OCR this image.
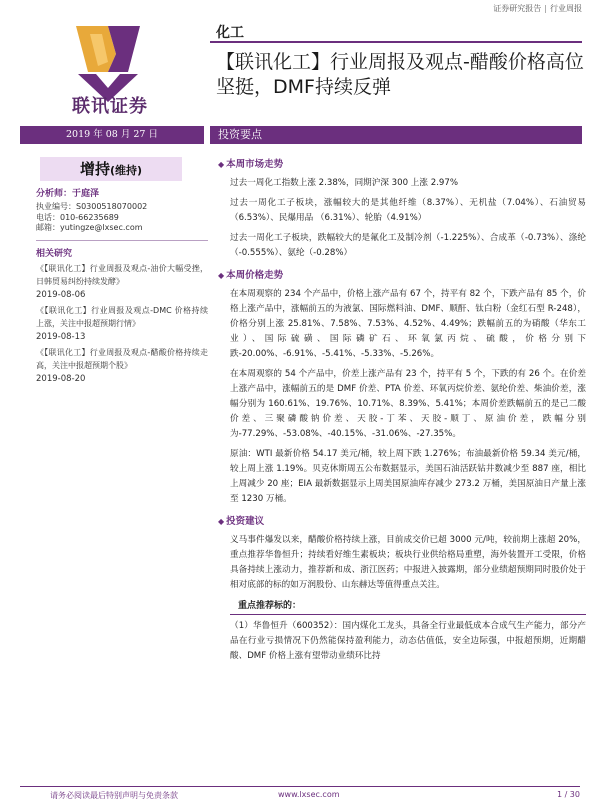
证券研究报告 | 行业周报
联讯证券
化工
【联讯化工】行业周报及观点-醋酸价格高位坚挺，DMF持续反弹
2019 年 08 月 27 日	投资要点
增持(维持)
分析师：于庭泽
执业编号：S0300518070002
电话：010-66235689
邮箱：yutingze@lxsec.com
相关研究
《【联讯化工】行业周报及观点-油价大幅受挫，日韩贸易纠纷持续发酵》
2019-08-06
《【联讯化工】行业周报及观点-DMC 价格持续上涨，关注中报超预期行情》
2019-08-13
《【联讯化工】行业周报及观点-醋酸价格持续走高，关注中报超预期个股》
2019-08-20
◆ 本周市场走势
过去一周化工指数上涨 2.38%，同期沪深 300 上涨 2.97%
过去一周化工子板块，涨幅较大的是其他纤维（8.37%）、无机盐（7.04%）、石油贸易（6.53%）、民爆用品 （6.31%）、轮胎（4.91%）
过去一周化工子板块，跌幅较大的是氟化工及制冷剂（-1.225%）、合成革（-0.73%）、涤纶（-0.555%）、氨纶（-0.28%）
◆ 本周价格走势
在本周观察的 234 个产品中，价格上涨产品有 67 个，持平有 82 个，下跌产品有 85 个，价格上涨产品中，涨幅前五的为液氯、国际燃料油、DMF、顺酐、钛白粉（金红石型 R-248），价格分别上涨 25.81%、7.58%、7.53%、4.52%、4.49%；跌幅前五的为硝酸（华东工业）、国际硫磺、国际磷矿石、环氧氯丙烷、硫酸，价格分别下跌-20.00%、-6.91%、-5.41%、-5.33%、-5.26%。
在本周观察的 54 个产品中，价差上涨产品有 23 个，持平有 5 个，下跌的有 26 个。在价差上涨产品中，涨幅前五的是 DMF 价差、PTA 价差、环氧丙烷价差、氨纶价差、柴油价差，涨幅分别为 160.61%、19.76%、10.71%、8.39%、5.41%；本周价差跌幅前五的是己二酸价差、三聚磷酸钠价差、天胶-丁苯、天胶-顺丁、原油价差，跌幅分别为-77.29%、-53.08%、-40.15%、-31.06%、-27.35%。
原油：WTI 最新价格 54.17 美元/桶，较上周下跌 1.276%；布油最新价格 59.34 美元/桶，较上周上涨 1.19%。贝克休斯周五公布数据显示，美国石油活跃钻井数减少至 887 座，相比上周减少 20 座；EIA 最新数据显示上周美国原油库存减少 273.2 万桶，美国原油日产量上涨至 1230 万桶。
◆ 投资建议
义马事件爆发以来，醋酸价格持续上涨，目前成交价已超 3000 元/吨，较前期上涨超 20%，重点推荐华鲁恒升；持续看好维生素板块；板块行业供给格局重塑，海外装置开工受限，价格具备持续上涨动力，推荐新和成、浙江医药；中报进入披露期，部分业绩超预期同时股价处于相对底部的标的如万润股份、山东赫达等值得重点关注。
重点推荐标的：
（1）华鲁恒升（600352）：国内煤化工龙头，具备全行业最低成本合成气生产能力，部分产品在行业亏损情况下仍然能保持盈利能力，动态估值低，安全边际强，中报超预期，近期醋酸、DMF 价格上涨有望带动业绩环比持
请务必阅读最后特别声明与免责条款	www.lxsec.com	1 / 30
